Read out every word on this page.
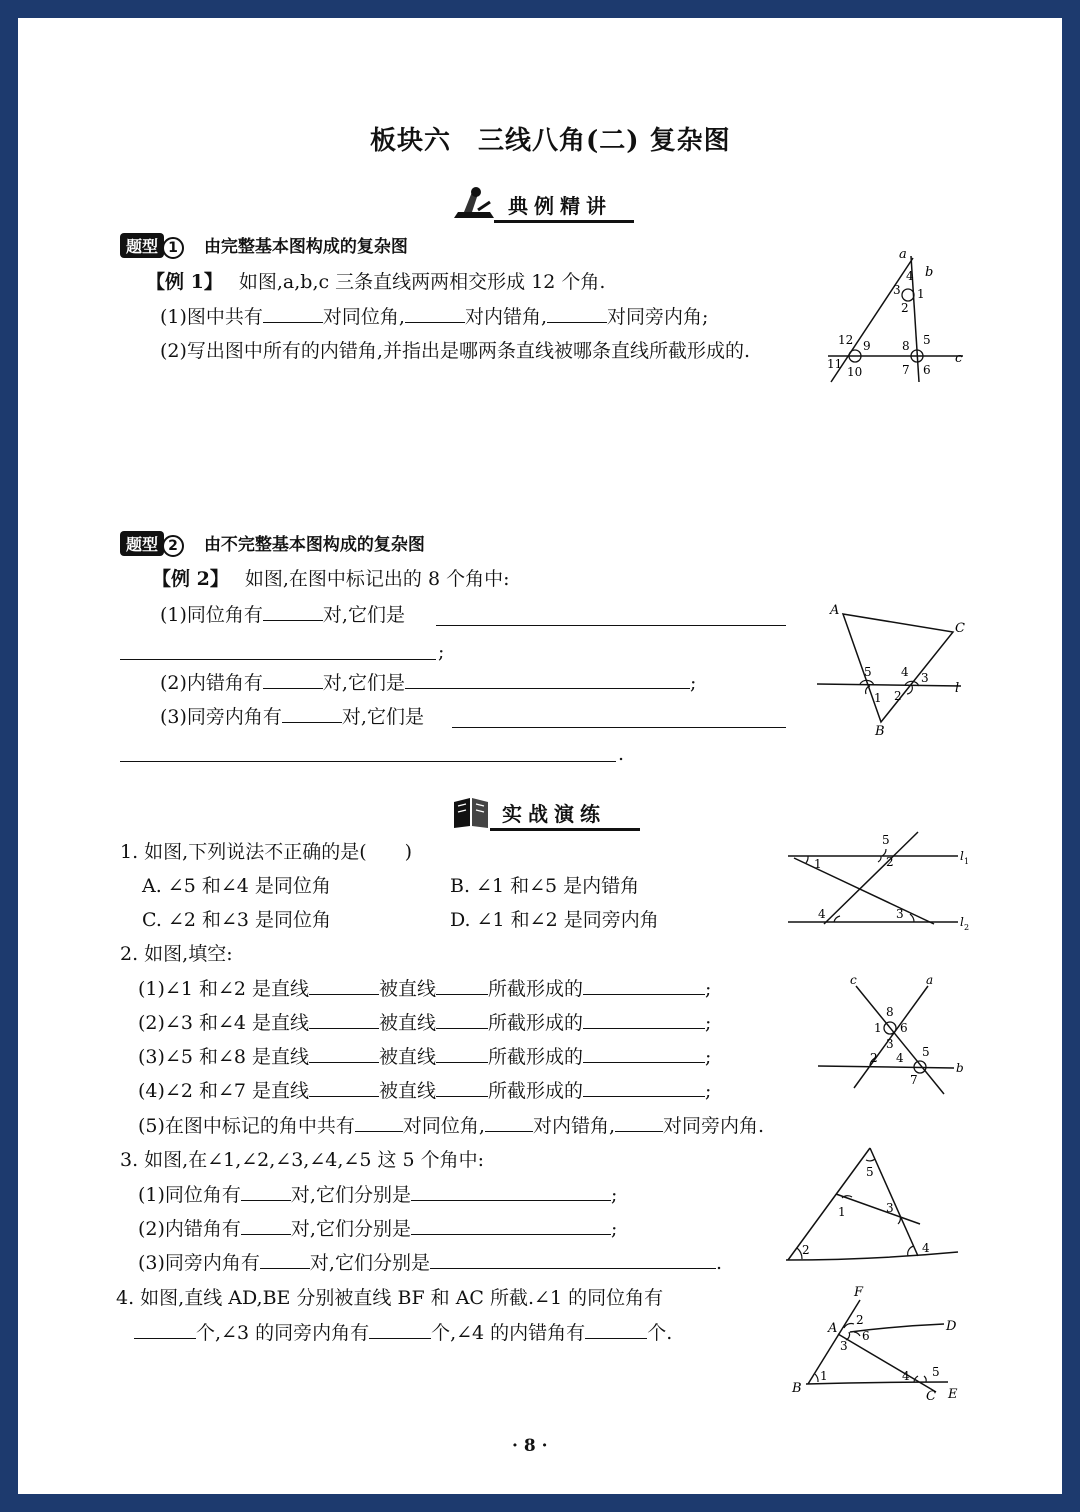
板块六　三线八角(二) 复杂图
典例精讲
题型 1 由完整基本图构成的复杂图
【例 1】 如图,a,b,c 三条直线两两相交形成 12 个角.
(1)图中共有	对同位角,	对内错角,	对同旁内角;
(2)写出图中所有的内错角,并指出是哪两条直线被哪条直线所截形成的.
a
b
c
4
3 1
2
12 9
11
10
8 5
7 6
题型 2 由不完整基本图构成的复杂图
【例 2】 如图,在图中标记出的 8 个角中:
(1)同位角有	对,它们是
;
(2)内错角有	对,它们是	;
(3)同旁内角有	对,它们是
.
A
C
l
B
5
1
4 3
2
实战演练
1. 如图,下列说法不正确的是(　　)
A. ∠5 和∠4 是同位角	B. ∠1 和∠5 是内错角
C. ∠2 和∠3 是同位角	D. ∠1 和∠2 是同旁内角
l 1
l 2
1	2
5
3
4
2. 如图,填空:
(1)∠1 和∠2 是直线	被直线	所截形成的	;
(2)∠3 和∠4 是直线	被直线	所截形成的	;
(3)∠5 和∠8 是直线	被直线	所截形成的	;
(4)∠2 和∠7 是直线	被直线	所截形成的	;
(5)在图中标记的角中共有	对同位角,	对内错角,	对同旁内角.
c	a
b
8
1 6
3
2 4 5
7
3. 如图,在∠1,∠2,∠3,∠4,∠5 这 5 个角中:
(1)同位角有	对,它们分别是	;
(2)内错角有	对,它们分别是	;
(3)同旁内角有	对,它们分别是	.
2
1
5
3
4
4. 如图,直线 AD,BE 分别被直线 BF 和 AC 所截.∠1 的同位角有
个,∠3 的同旁内角有	个,∠4 的内错角有	个.
F
A	D
B
C E
2
6
3
1	4 5
· 8 ·
